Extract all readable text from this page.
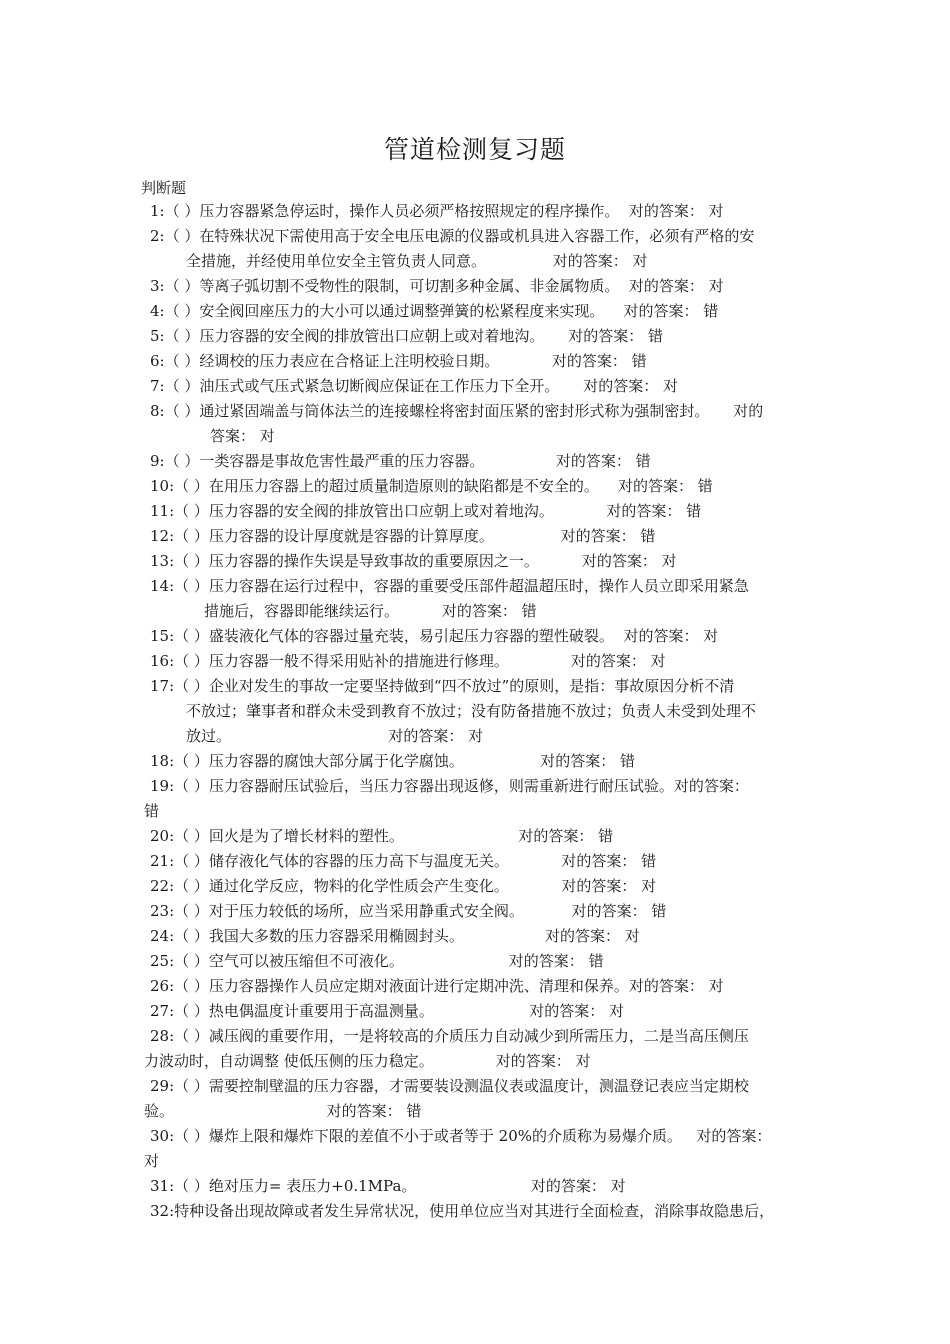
管道检测复习题
判断题
1:（ ）压力容器紧急停运时，操作人员必须严格按照规定的程序操作。  对的答案： 对
2:（ ）在特殊状况下需使用高于安全电压电源的仪器或机具进入容器工作，必须有严格的安
全措施，并经使用单位安全主管负责人同意。              对的答案： 对
3:（ ）等离子弧切割不受物性的限制，可切割多种金属、非金属物质。  对的答案： 对
4:（ ）安全阀回座压力的大小可以通过调整弹簧的松紧程度来实现。    对的答案： 错
5:（ ）压力容器的安全阀的排放管出口应朝上或对着地沟。     对的答案： 错
6:（ ）经调校的压力表应在合格证上注明校验日期。           对的答案： 错
7:（ ）油压式或气压式紧急切断阀应保证在工作压力下全开。     对的答案： 对
8:（ ）通过紧固端盖与筒体法兰的连接螺栓将密封面压紧的密封形式称为强制密封。     对的
答案： 对
9:（ ）一类容器是事故危害性最严重的压力容器。               对的答案： 错
10:（ ）在用压力容器上的超过质量制造原则的缺陷都是不安全的。    对的答案： 错
11:（ ）压力容器的安全阀的排放管出口应朝上或对着地沟。           对的答案： 错
12:（ ）压力容器的设计厚度就是容器的计算厚度。              对的答案： 错
13:（ ）压力容器的操作失误是导致事故的重要原因之一。         对的答案： 对
14:（ ）压力容器在运行过程中，容器的重要受压部件超温超压时，操作人员立即采用紧急
措施后，容器即能继续运行。         对的答案： 错
15:（ ）盛装液化气体的容器过量充装，易引起压力容器的塑性破裂。  对的答案： 对
16:（ ）压力容器一般不得采用贴补的措施进行修理。             对的答案： 对
17:（ ）企业对发生的事故一定要坚持做到“四不放过”的原则，是指：事故原因分析不清
不放过；肇事者和群众未受到教育不放过；没有防备措施不放过；负责人未受到处理不
放过。                                 对的答案： 对
18:（ ）压力容器的腐蚀大部分属于化学腐蚀。                对的答案： 错
19:（ ）压力容器耐压试验后，当压力容器出现返修，则需重新进行耐压试验。对的答案：
错
20:（ ）回火是为了增长材料的塑性。                        对的答案： 错
21:（ ）储存液化气体的容器的压力高下与温度无关。           对的答案： 错
22:（ ）通过化学反应，物料的化学性质会产生变化。           对的答案： 对
23:（ ）对于压力较低的场所，应当采用静重式安全阀。          对的答案： 错
24:（ ）我国大多数的压力容器采用椭圆封头。                 对的答案： 对
25:（ ）空气可以被压缩但不可液化。                      对的答案： 错
26:（ ）压力容器操作人员应定期对液面计进行定期冲洗、清理和保养。对的答案： 对
27:（ ）热电偶温度计重要用于高温测量。                    对的答案： 对
28:（ ）减压阀的重要作用，一是将较高的介质压力自动减少到所需压力，二是当高压侧压
力波动时，自动调整 使低压侧的压力稳定。             对的答案： 对
29:（ ）需要控制壁温的压力容器，才需要装设测温仪表或温度计，测温登记表应当定期校
验。                                对的答案： 错
30:（ ）爆炸上限和爆炸下限的差值不小于或者等于 20%的介质称为易爆介质。   对的答案：
对
31:（ ）绝对压力= 表压力+0.1MPa。                        对的答案： 对
32:特种设备出现故障或者发生异常状况，使用单位应当对其进行全面检查，消除事故隐患后，
